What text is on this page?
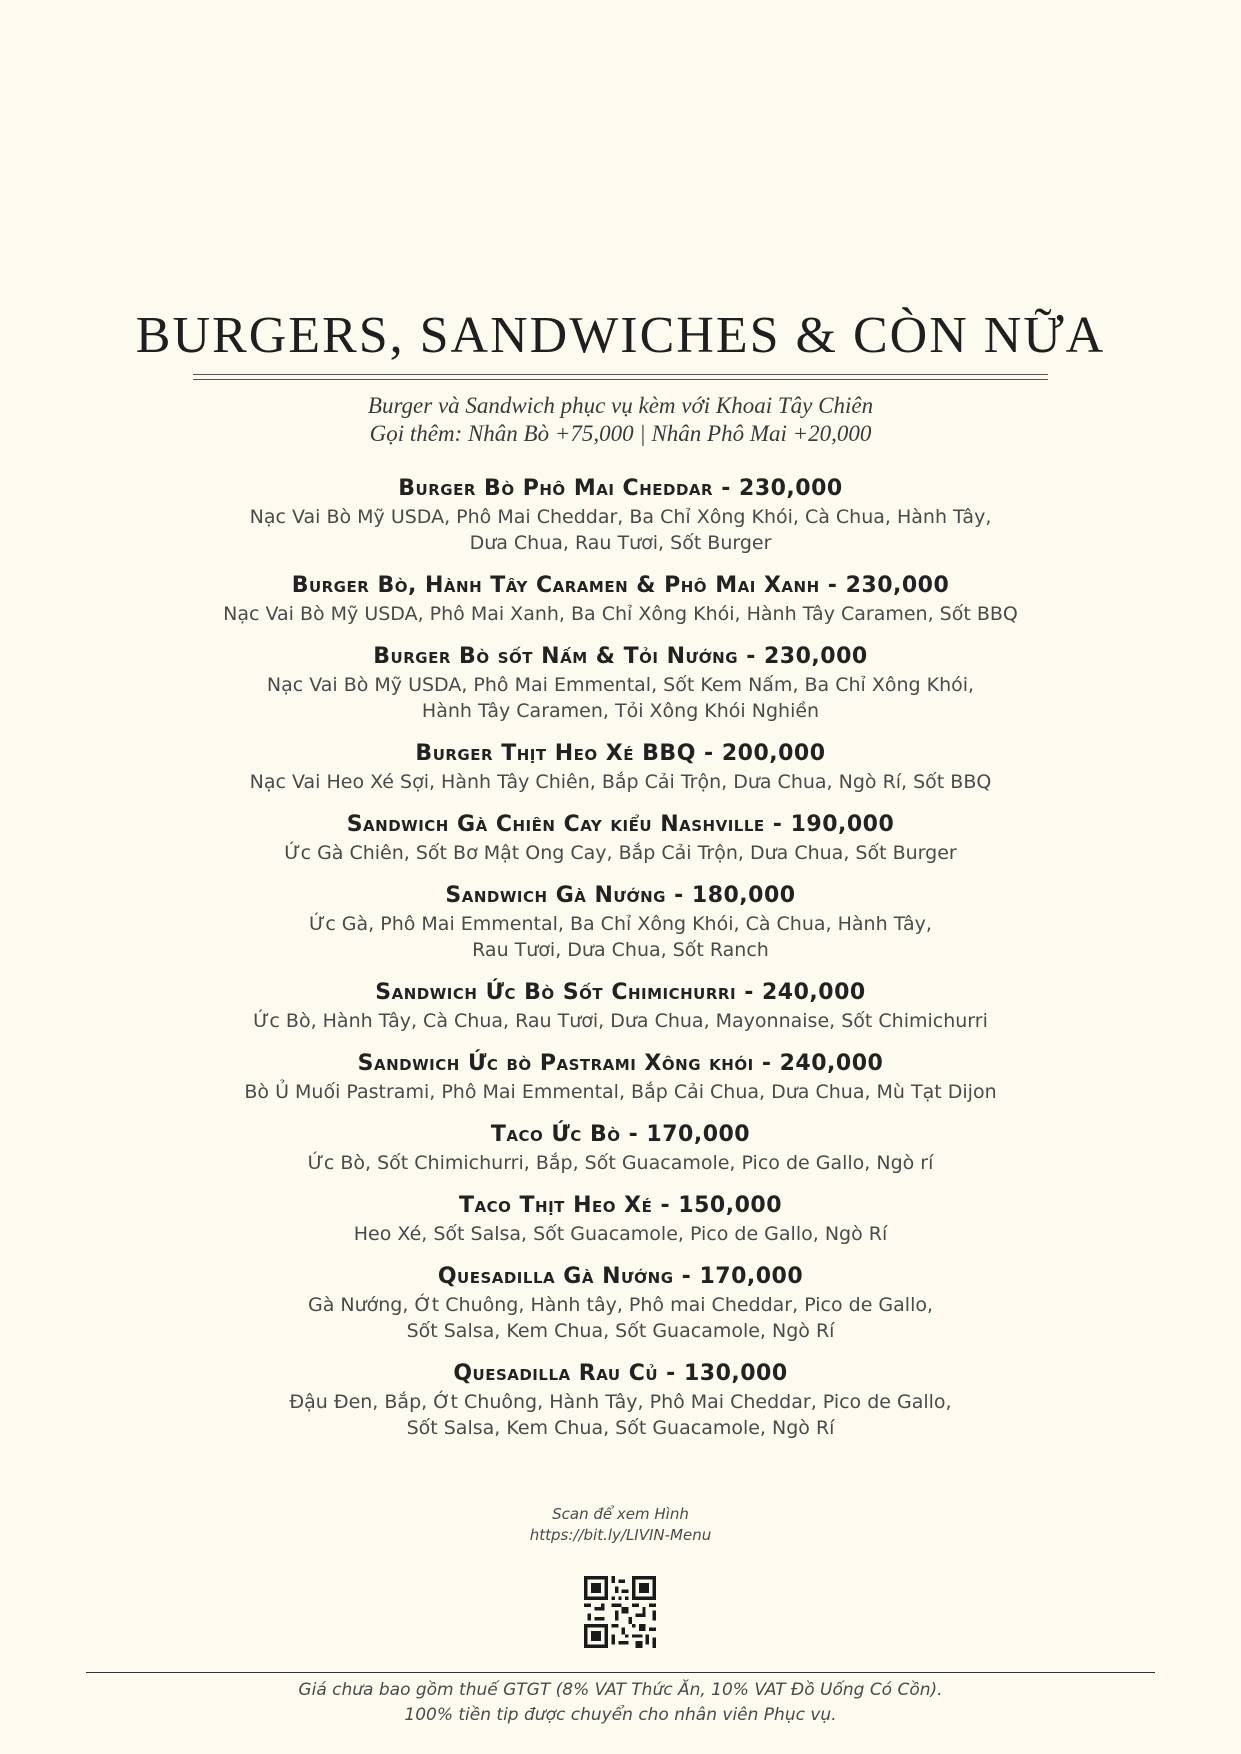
BURGERS, SANDWICHES & CÒN NỮA
Burger và Sandwich phục vụ kèm với Khoai Tây Chiên
Gọi thêm: Nhân Bò +75,000 | Nhân Phô Mai +20,000
Burger Bò Phô Mai Cheddar - 230,000
Nạc Vai Bò Mỹ USDA, Phô Mai Cheddar, Ba Chỉ Xông Khói, Cà Chua, Hành Tây,
Dưa Chua, Rau Tươi, Sốt Burger
Burger Bò, Hành Tây Caramen & Phô Mai Xanh - 230,000
Nạc Vai Bò Mỹ USDA, Phô Mai Xanh, Ba Chỉ Xông Khói, Hành Tây Caramen, Sốt BBQ
Burger Bò sốt Nấm & Tỏi Nướng - 230,000
Nạc Vai Bò Mỹ USDA, Phô Mai Emmental, Sốt Kem Nấm, Ba Chỉ Xông Khói,
Hành Tây Caramen, Tỏi Xông Khói Nghiền
Burger Thịt Heo Xé BBQ - 200,000
Nạc Vai Heo Xé Sợi, Hành Tây Chiên, Bắp Cải Trộn, Dưa Chua, Ngò Rí, Sốt BBQ
Sandwich Gà Chiên Cay kiểu Nashville - 190,000
Ức Gà Chiên, Sốt Bơ Mật Ong Cay, Bắp Cải Trộn, Dưa Chua, Sốt Burger
Sandwich Gà Nướng - 180,000
Ức Gà, Phô Mai Emmental, Ba Chỉ Xông Khói, Cà Chua, Hành Tây,
Rau Tươi, Dưa Chua, Sốt Ranch
Sandwich Ức Bò Sốt Chimichurri - 240,000
Ức Bò, Hành Tây, Cà Chua, Rau Tươi, Dưa Chua, Mayonnaise, Sốt Chimichurri
Sandwich Ức bò Pastrami Xông khói - 240,000
Bò Ủ Muối Pastrami, Phô Mai Emmental, Bắp Cải Chua, Dưa Chua, Mù Tạt Dijon
Taco Ức Bò - 170,000
Ức Bò, Sốt Chimichurri, Bắp, Sốt Guacamole, Pico de Gallo, Ngò rí
Taco Thịt Heo Xé - 150,000
Heo Xé, Sốt Salsa, Sốt Guacamole, Pico de Gallo, Ngò Rí
Quesadilla Gà Nướng - 170,000
Gà Nướng, Ớt Chuông, Hành tây, Phô mai Cheddar, Pico de Gallo,
Sốt Salsa, Kem Chua, Sốt Guacamole, Ngò Rí
Quesadilla Rau Củ - 130,000
Đậu Đen, Bắp, Ớt Chuông, Hành Tây, Phô Mai Cheddar, Pico de Gallo,
Sốt Salsa, Kem Chua, Sốt Guacamole, Ngò Rí
Scan để xem Hình
https://bit.ly/LIVIN-Menu
Giá chưa bao gồm thuế GTGT (8% VAT Thức Ăn, 10% VAT Đồ Uống Có Cồn).
100% tiền tip được chuyển cho nhân viên Phục vụ.
